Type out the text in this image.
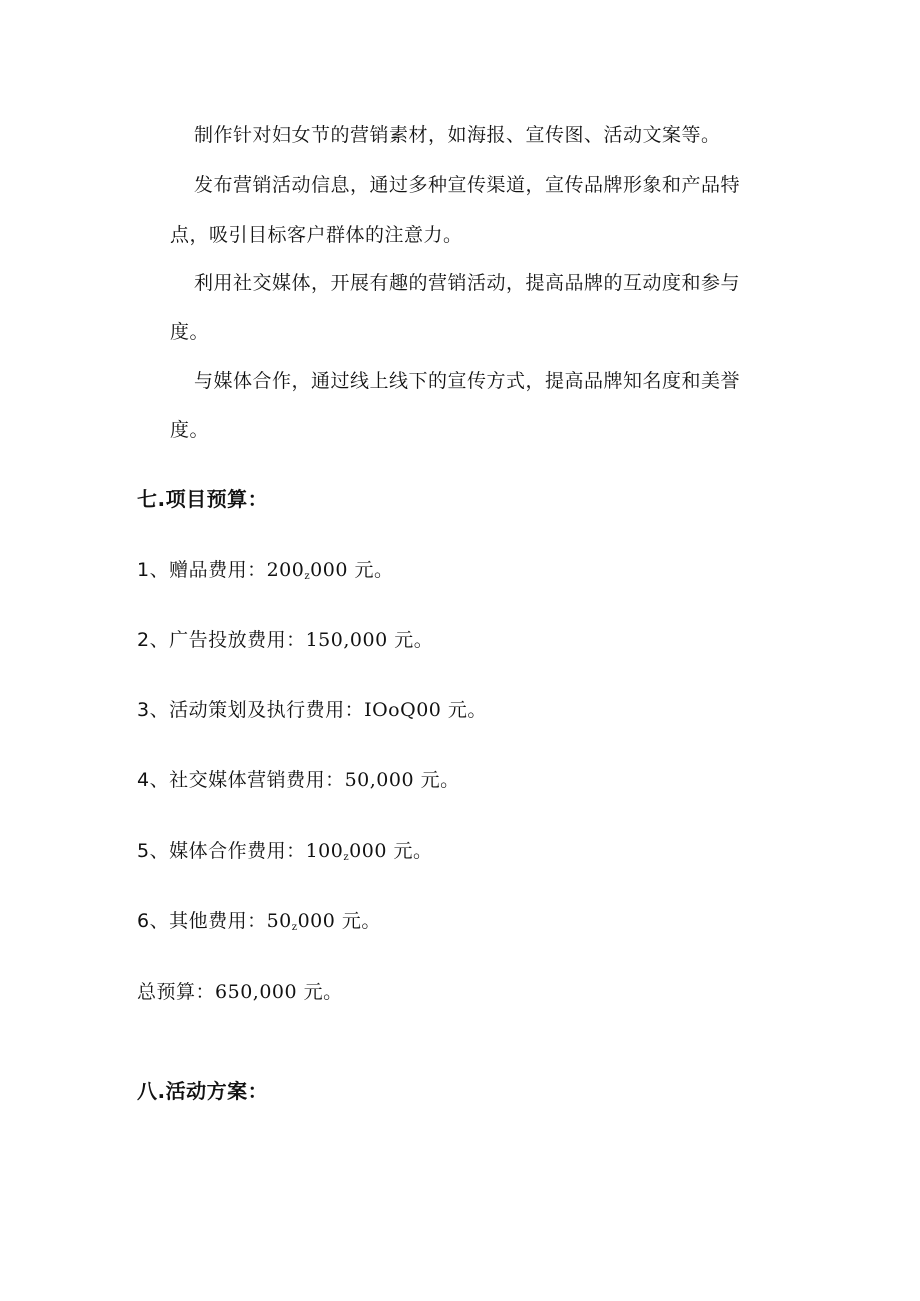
制作针对妇女节的营销素材，如海报、宣传图、活动文案等。
发布营销活动信息，通过多种宣传渠道，宣传品牌形象和产品特
点，吸引目标客户群体的注意力。
利用社交媒体，开展有趣的营销活动，提高品牌的互动度和参与
度。
与媒体合作，通过线上线下的宣传方式，提高品牌知名度和美誉
度。
七.项目预算：
1、赠品费用：$200_z000$ 元。
2、广告投放费用：150,000 元。
3、活动策划及执行费用：IOoQ00 元。
4、社交媒体营销费用：50,000 元。
5、媒体合作费用：$100_z000$ 元。
6、其他费用：$50_z000$ 元。
总预算：650,000 元。
八.活动方案：
